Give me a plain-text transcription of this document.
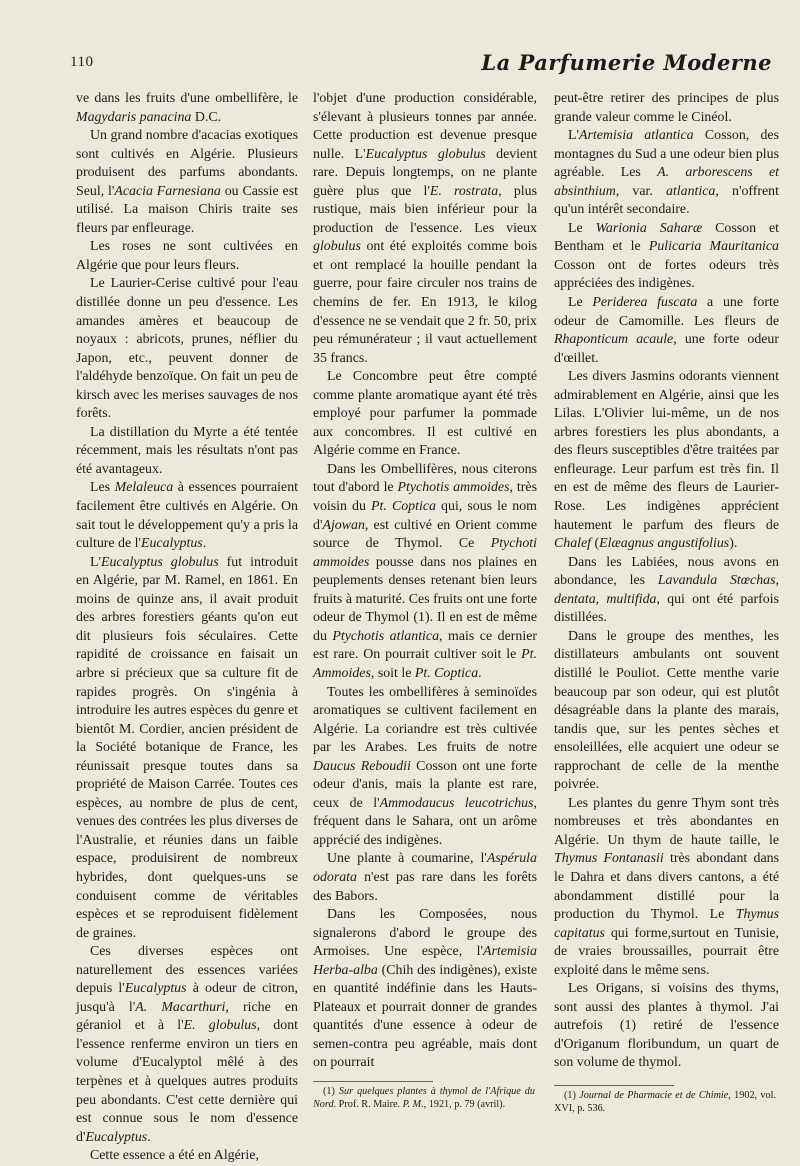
110	La Parfumerie Moderne

ve dans les fruits d'une ombellifère, le Magydaris panacina D.C.

Un grand nombre d'acacias exotiques sont cultivés en Algérie. Plusieurs produisent des parfums abondants. Seul, l'Acacia Farnesiana ou Cassie est utilisé. La maison Chiris traite ses fleurs par enfleurage.

Les roses ne sont cultivées en Algérie que pour leurs fleurs.

Le Laurier-Cerise cultivé pour l'eau distillée donne un peu d'essence. Les amandes amères et beaucoup de noyaux : abricots, prunes, néflier du Japon, etc., peuvent donner de l'aldéhyde benzoïque. On fait un peu de kirsch avec les merises sauvages de nos forêts.

La distillation du Myrte a été tentée récemment, mais les résultats n'ont pas été avantageux.

Les Melaleuca à essences pourraient facilement être cultivés en Algérie. On sait tout le développement qu'y a pris la culture de l'Eucalyptus.

L'Eucalyptus globulus fut introduit en Algérie, par M. Ramel, en 1861. En moins de quinze ans, il avait produit des arbres forestiers géants qu'on eut dit plusieurs fois séculaires. Cette rapidité de croissance en faisait un arbre si précieux que sa culture fit de rapides progrès. On s'ingénia à introduire les autres espèces du genre et bientôt M. Cordier, ancien président de la Société botanique de France, les réunissait presque toutes dans sa propriété de Maison Carrée. Toutes ces espèces, au nombre de plus de cent, venues des contrées les plus diverses de l'Australie, et réunies dans un faible espace, produisirent de nombreux hybrides, dont quelques-uns se conduisent comme de véritables espèces et se reproduisent fidèlement de graines.

Ces diverses espèces ont naturellement des essences variées depuis l'Eucalyptus à odeur de citron, jusqu'à l'A. Macarthuri, riche en géraniol et à l'E. globulus, dont l'essence renferme environ un tiers en volume d'Eucalyptol mêlé à des terpènes et à quelques autres produits peu abondants. C'est cette dernière qui est connue sous le nom d'essence d'Eucalyptus.

Cette essence a été en Algérie,

l'objet d'une production considérable, s'élevant à plusieurs tonnes par année. Cette production est devenue presque nulle. L'Eucalyptus globulus devient rare. Depuis longtemps, on ne plante guère plus que l'E. rostrata, plus rustique, mais bien inférieur pour la production de l'essence. Les vieux globulus ont été exploités comme bois et ont remplacé la houille pendant la guerre, pour faire circuler nos trains de chemins de fer. En 1913, le kilog d'essence ne se vendait que 2 fr. 50, prix peu rémunérateur ; il vaut actuellement 35 francs.

Le Concombre peut être compté comme plante aromatique ayant été très employé pour parfumer la pommade aux concombres. Il est cultivé en Algérie comme en France.

Dans les Ombellifères, nous citerons tout d'abord le Ptychotis ammoides, très voisin du Pt. Coptica qui, sous le nom d'Ajowan, est cultivé en Orient comme source de Thymol. Ce Ptychoti ammoides pousse dans nos plaines en peuplements denses retenant bien leurs fruits à maturité. Ces fruits ont une forte odeur de Thymol (1). Il en est de même du Ptychotis atlantica, mais ce dernier est rare. On pourrait cultiver soit le Pt. Ammoides, soit le Pt. Coptica.

Toutes les ombellifères à seminoïdes aromatiques se cultivent facilement en Algérie. La coriandre est très cultivée par les Arabes. Les fruits de notre Daucus Reboudii Cosson ont une forte odeur d'anis, mais la plante est rare, ceux de l'Ammodaucus leucotrichus, fréquent dans le Sahara, ont un arôme apprécié des indigènes.

Une plante à coumarine, l'Aspérula odorata n'est pas rare dans les forêts des Babors.

Dans les Composées, nous signalerons d'abord le groupe des Armoises. Une espèce, l'Artemisia Herba-alba (Chih des indigènes), existe en quantité indéfinie dans les Hauts-Plateaux et pourrait donner de grandes quantités d'une essence à odeur de semen-contra peu agréable, mais dont on pourrait

(1) Sur quelques plantes à thymol de l'Afrique du Nord. Prof. R. Maire. P. M., 1921, p. 79 (avril).

peut-être retirer des principes de plus grande valeur comme le Cinéol.

L'Artemisia atlantica Cosson, des montagnes du Sud a une odeur bien plus agréable. Les A. arborescens et absinthium, var. atlantica, n'offrent qu'un intérêt secondaire.

Le Warionia Saharæ Cosson et Bentham et le Pulicaria Mauritanica Cosson ont de fortes odeurs très appréciées des indigènes.

Le Periderea fuscata a une forte odeur de Camomille. Les fleurs de Rhaponticum acaule, une forte odeur d'œillet.

Les divers Jasmins odorants viennent admirablement en Algérie, ainsi que les Lilas. L'Olivier lui-même, un de nos arbres forestiers les plus abondants, a des fleurs susceptibles d'être traitées par enfleurage. Leur parfum est très fin. Il en est de même des fleurs de Laurier-Rose. Les indigènes apprécient hautement le parfum des fleurs de Chalef (Elæagnus angustifolius).

Dans les Labiées, nous avons en abondance, les Lavandula Stœchas, dentata, multifida, qui ont été parfois distillées.

Dans le groupe des menthes, les distillateurs ambulants ont souvent distillé le Pouliot. Cette menthe varie beaucoup par son odeur, qui est plutôt désagréable dans la plante des marais, tandis que, sur les pentes sèches et ensoleillées, elle acquiert une odeur se rapprochant de celle de la menthe poivrée.

Les plantes du genre Thym sont très nombreuses et très abondantes en Algérie. Un thym de haute taille, le Thymus Fontanasii très abondant dans le Dahra et dans divers cantons, a été abondamment distillé pour la production du Thymol. Le Thymus capitatus qui forme,surtout en Tunisie, de vraies broussailles, pourrait être exploité dans le même sens.

Les Origans, si voisins des thyms, sont aussi des plantes à thymol. J'ai autrefois (1) retiré de l'essence d'Origanum floribundum, un quart de son volume de thymol.

(1) Journal de Pharmacie et de Chimie, 1902, vol. XVI, p. 536.
